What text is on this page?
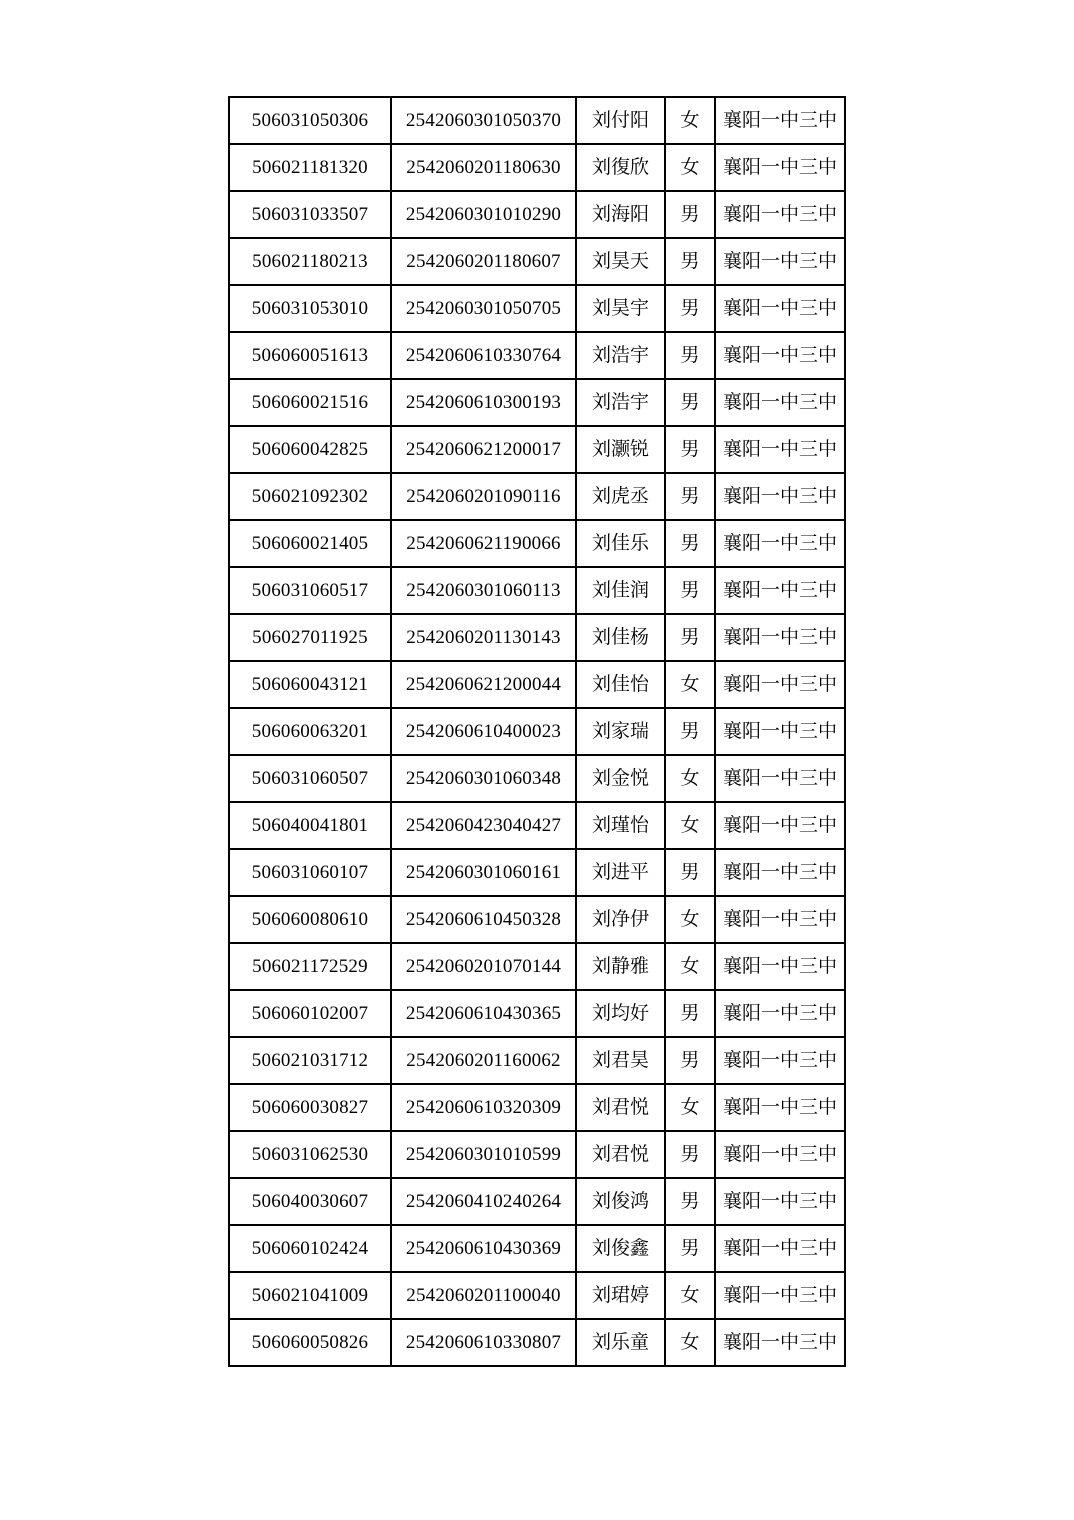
506031050306	2542060301050370	刘付阳	女	襄阳一中三中
506021181320	2542060201180630	刘復欣	女	襄阳一中三中
506031033507	2542060301010290	刘海阳	男	襄阳一中三中
506021180213	2542060201180607	刘昊天	男	襄阳一中三中
506031053010	2542060301050705	刘昊宇	男	襄阳一中三中
506060051613	2542060610330764	刘浩宇	男	襄阳一中三中
506060021516	2542060610300193	刘浩宇	男	襄阳一中三中
506060042825	2542060621200017	刘灏锐	男	襄阳一中三中
506021092302	2542060201090116	刘虎丞	男	襄阳一中三中
506060021405	2542060621190066	刘佳乐	男	襄阳一中三中
506031060517	2542060301060113	刘佳润	男	襄阳一中三中
506027011925	2542060201130143	刘佳杨	男	襄阳一中三中
506060043121	2542060621200044	刘佳怡	女	襄阳一中三中
506060063201	2542060610400023	刘家瑞	男	襄阳一中三中
506031060507	2542060301060348	刘金悦	女	襄阳一中三中
506040041801	2542060423040427	刘瑾怡	女	襄阳一中三中
506031060107	2542060301060161	刘进平	男	襄阳一中三中
506060080610	2542060610450328	刘净伊	女	襄阳一中三中
506021172529	2542060201070144	刘静雅	女	襄阳一中三中
506060102007	2542060610430365	刘均好	男	襄阳一中三中
506021031712	2542060201160062	刘君昊	男	襄阳一中三中
506060030827	2542060610320309	刘君悦	女	襄阳一中三中
506031062530	2542060301010599	刘君悦	男	襄阳一中三中
506040030607	2542060410240264	刘俊鸿	男	襄阳一中三中
506060102424	2542060610430369	刘俊鑫	男	襄阳一中三中
506021041009	2542060201100040	刘珺婷	女	襄阳一中三中
506060050826	2542060610330807	刘乐童	女	襄阳一中三中
